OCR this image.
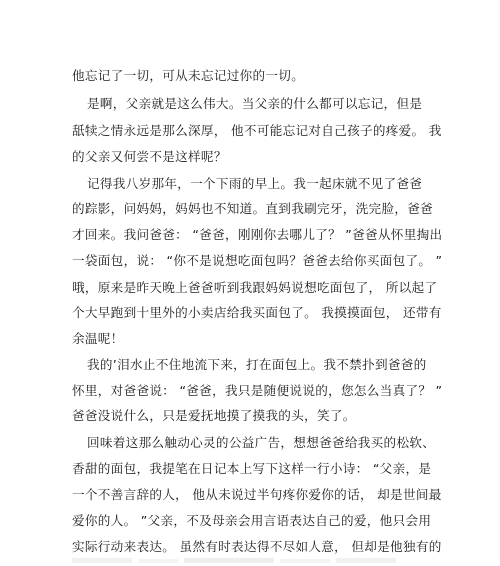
他忘记了一切，可从未忘记过你的一切。
是啊，父亲就是这么伟大。当父亲的什么都可以忘记，但是
舐犊之情永远是那么深厚， 他不可能忘记对自己孩子的疼爱。 我
的父亲又何尝不是这样呢？
记得我八岁那年，一个下雨的早上。我一起床就不见了爸爸
的踪影，问妈妈，妈妈也不知道。直到我刷完牙，洗完脸，爸爸
才回来。我问爸爸： “爸爸，刚刚你去哪儿了？ ”爸爸从怀里掏出
一袋面包，说： “你不是说想吃面包吗？爸爸去给你买面包了。 ”
哦，原来是昨天晚上爸爸听到我跟妈妈说想吃面包了， 所以起了
个大早跑到十里外的小卖店给我买面包了。 我摸摸面包， 还带有
余温呢！
我的’泪水止不住地流下来，打在面包上。我不禁扑到爸爸的
怀里，对爸爸说： “爸爸，我只是随便说说的，您怎么当真了？ ”
爸爸没说什么，只是爱抚地摸了摸我的头，笑了。
回味着这那么触动心灵的公益广告，想想爸爸给我买的松软、
香甜的面包，我提笔在日记本上写下这样一行小诗： “父亲，是
一个不善言辞的人， 他从未说过半句疼你爱你的话， 却是世间最
爱你的人。 ”父亲，不及母亲会用言语表达自己的爱，他只会用
实际行动来表达。 虽然有时表达得不尽如人意， 但却是他独有的
